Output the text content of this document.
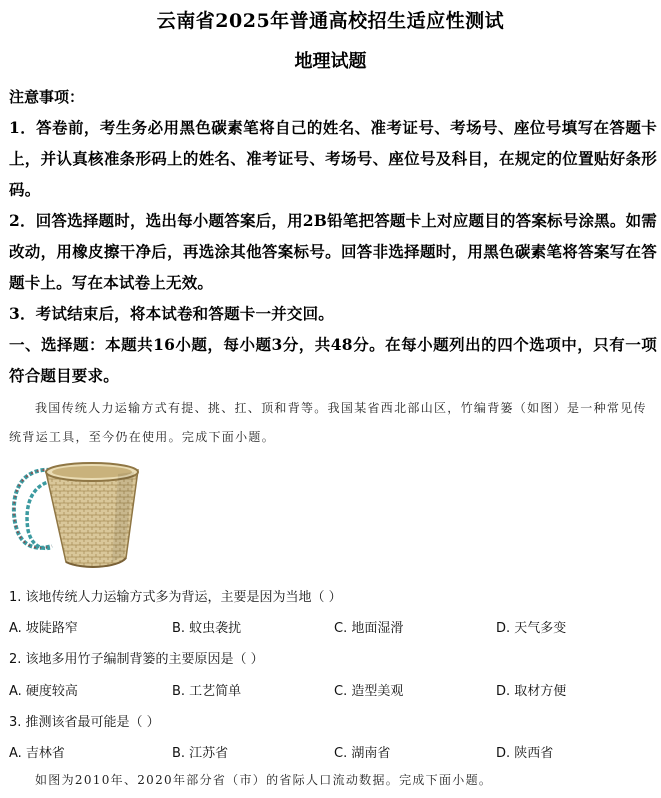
云南省2025年普通高校招生适应性测试
地理试题
注意事项：
1．答卷前，考生务必用黑色碳素笔将自己的姓名、准考证号、考场号、座位号填写在答题卡上，并认真核准条形码上的姓名、准考证号、考场号、座位号及科目，在规定的位置贴好条形码。
2．回答选择题时，选出每小题答案后，用2B铅笔把答题卡上对应题目的答案标号涂黑。如需改动，用橡皮擦干净后，再选涂其他答案标号。回答非选择题时，用黑色碳素笔将答案写在答题卡上。写在本试卷上无效。
3．考试结束后，将本试卷和答题卡一并交回。
一、选择题：本题共16小题，每小题3分，共48分。在每小题列出的四个选项中，只有一项符合题目要求。
我国传统人力运输方式有提、挑、扛、顶和背等。我国某省西北部山区，竹编背篓（如图）是一种常见传统背运工具，至今仍在使用。完成下面小题。
1. 该地传统人力运输方式多为背运，主要是因为当地（ ）
A. 坡陡路窄	B. 蚊虫袭扰	C. 地面湿滑	D. 天气多变
2. 该地多用竹子编制背篓的主要原因是（ ）
A. 硬度较高	B. 工艺简单	C. 造型美观	D. 取材方便
3. 推测该省最可能是（ ）
A. 吉林省	B. 江苏省	C. 湖南省	D. 陕西省
如图为2010年、2020年部分省（市）的省际人口流动数据。完成下面小题。
